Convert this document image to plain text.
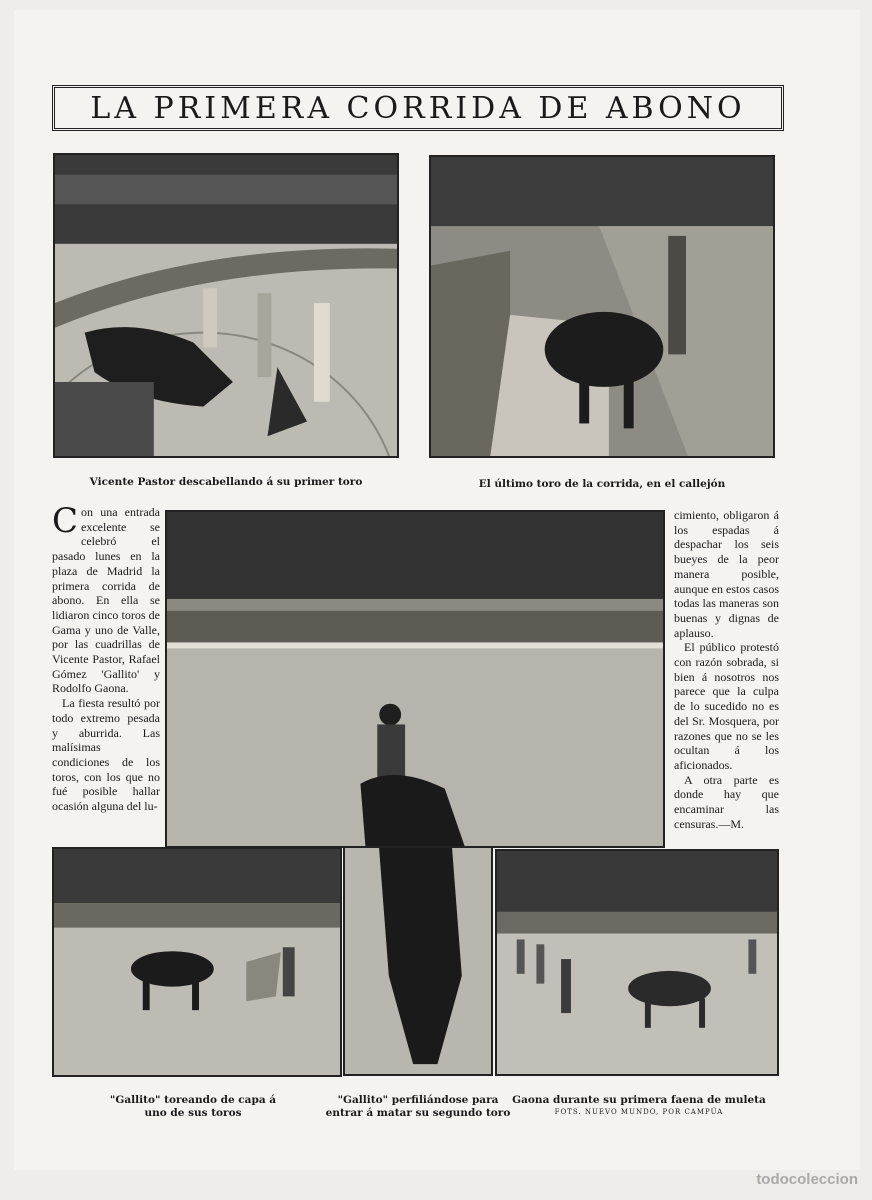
LA PRIMERA CORRIDA DE ABONO
Vicente Pastor descabellando á su primer toro	El último toro de la corrida, en el callejón

Con una entrada excelente se celebró el pasado lunes en la plaza de Madrid la primera corrida de abono. En ella se lidiaron cinco toros de Gama y uno de Valle, por las cuadrillas de Vicente Pastor, Rafael Gómez 'Gallito' y Rodolfo Gaona.

La fiesta resultó por todo extremo pesada y aburrida. Las malísimas condiciones de los toros, con los que no fué posible hallar ocasión alguna del lu-

cimiento, obligaron á los espadas á despachar los seis bueyes de la peor manera posible, aunque en estos casos todas las maneras son buenas y dignas de aplauso.

El público protestó con razón sobrada, si bien á nosotros nos parece que la culpa de lo sucedido no es del Sr. Mosquera, por razones que no se les ocultan á los aficionados.

A otra parte es donde hay que encaminar las censuras.—M.

"Gallito" toreando de capa á uno de sus toros
"Gallito" perfiliándose para entrar á matar su segundo toro
Gaona durante su primera faena de muleta
FOTS. NUEVO MUNDO, POR CAMPÚA
todocoleccion
